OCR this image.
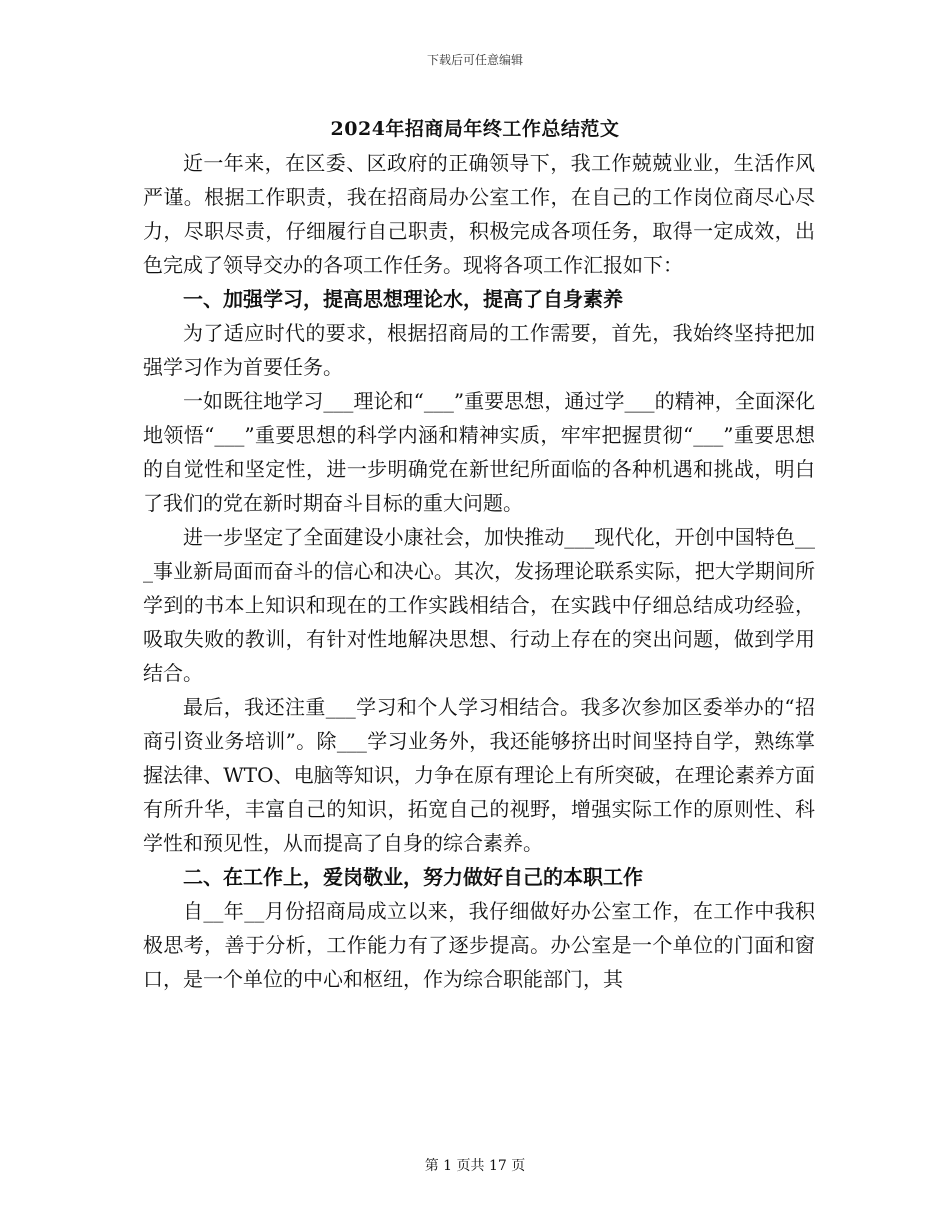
下载后可任意编辑
2024年招商局年终工作总结范文

近一年来，在区委、区政府的正确领导下，我工作兢兢业业，生活作风严谨。根据工作职责，我在招商局办公室工作，在自己的工作岗位商尽心尽力，尽职尽责，仔细履行自己职责，积极完成各项任务，取得一定成效，出色完成了领导交办的各项工作任务。现将各项工作汇报如下：

一、加强学习，提高思想理论水，提高了自身素养

为了适应时代的要求，根据招商局的工作需要，首先，我始终坚持把加强学习作为首要任务。

一如既往地学习___理论和“___”重要思想，通过学___的精神，全面深化地领悟“___”重要思想的科学内涵和精神实质，牢牢把握贯彻“___”重要思想的自觉性和坚定性，进一步明确党在新世纪所面临的各种机遇和挑战，明白了我们的党在新时期奋斗目标的重大问题。

进一步坚定了全面建设小康社会，加快推动___现代化，开创中国特色___事业新局面而奋斗的信心和决心。其次，发扬理论联系实际，把大学期间所学到的书本上知识和现在的工作实践相结合，在实践中仔细总结成功经验，吸取失败的教训，有针对性地解决思想、行动上存在的突出问题，做到学用结合。

最后，我还注重___学习和个人学习相结合。我多次参加区委举办的“招商引资业务培训”。除___学习业务外，我还能够挤出时间坚持自学，熟练掌握法律、WTO、电脑等知识，力争在原有理论上有所突破，在理论素养方面有所升华，丰富自己的知识，拓宽自己的视野，增强实际工作的原则性、科学性和预见性，从而提高了自身的综合素养。

二、在工作上，爱岗敬业，努力做好自己的本职工作

自__年__月份招商局成立以来，我仔细做好办公室工作，在工作中我积极思考，善于分析，工作能力有了逐步提高。办公室是一个单位的门面和窗口，是一个单位的中心和枢纽，作为综合职能部门，其

第 1 页共 17 页
